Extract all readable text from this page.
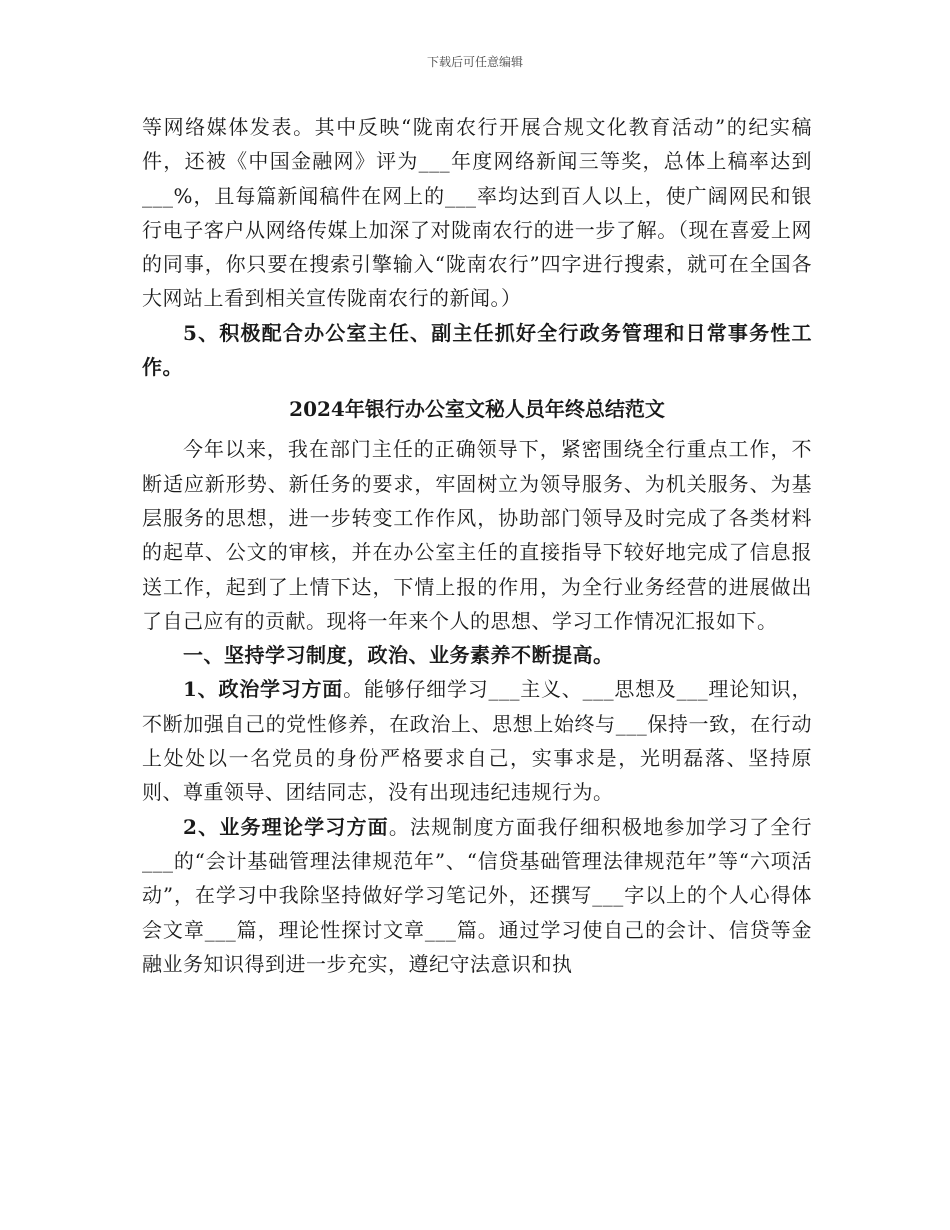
下载后可任意编辑

等网络媒体发表。其中反映“陇南农行开展合规文化教育活动”的纪实稿件，还被《中国金融网》评为___年度网络新闻三等奖，总体上稿率达到___%，且每篇新闻稿件在网上的___率均达到百人以上，使广阔网民和银行电子客户从网络传媒上加深了对陇南农行的进一步了解。（现在喜爱上网的同事，你只要在搜索引擎输入“陇南农行”四字进行搜索，就可在全国各大网站上看到相关宣传陇南农行的新闻。）

5、积极配合办公室主任、副主任抓好全行政务管理和日常事务性工作。

2024年银行办公室文秘人员年终总结范文

今年以来，我在部门主任的正确领导下，紧密围绕全行重点工作，不断适应新形势、新任务的要求，牢固树立为领导服务、为机关服务、为基层服务的思想，进一步转变工作作风，协助部门领导及时完成了各类材料的起草、公文的审核，并在办公室主任的直接指导下较好地完成了信息报送工作，起到了上情下达，下情上报的作用，为全行业务经营的进展做出了自己应有的贡献。现将一年来个人的思想、学习工作情况汇报如下。

一、坚持学习制度，政治、业务素养不断提高。

1、政治学习方面。能够仔细学习___主义、___思想及___理论知识，不断加强自己的党性修养，在政治上、思想上始终与___保持一致，在行动上处处以一名党员的身份严格要求自己，实事求是，光明磊落、坚持原则、尊重领导、团结同志，没有出现违纪违规行为。

2、业务理论学习方面。法规制度方面我仔细积极地参加学习了全行___的“会计基础管理法律规范年”、“信贷基础管理法律规范年”等“六项活动”，在学习中我除坚持做好学习笔记外，还撰写___字以上的个人心得体会文章___篇，理论性探讨文章___篇。通过学习使自己的会计、信贷等金融业务知识得到进一步充实，遵纪守法意识和执
